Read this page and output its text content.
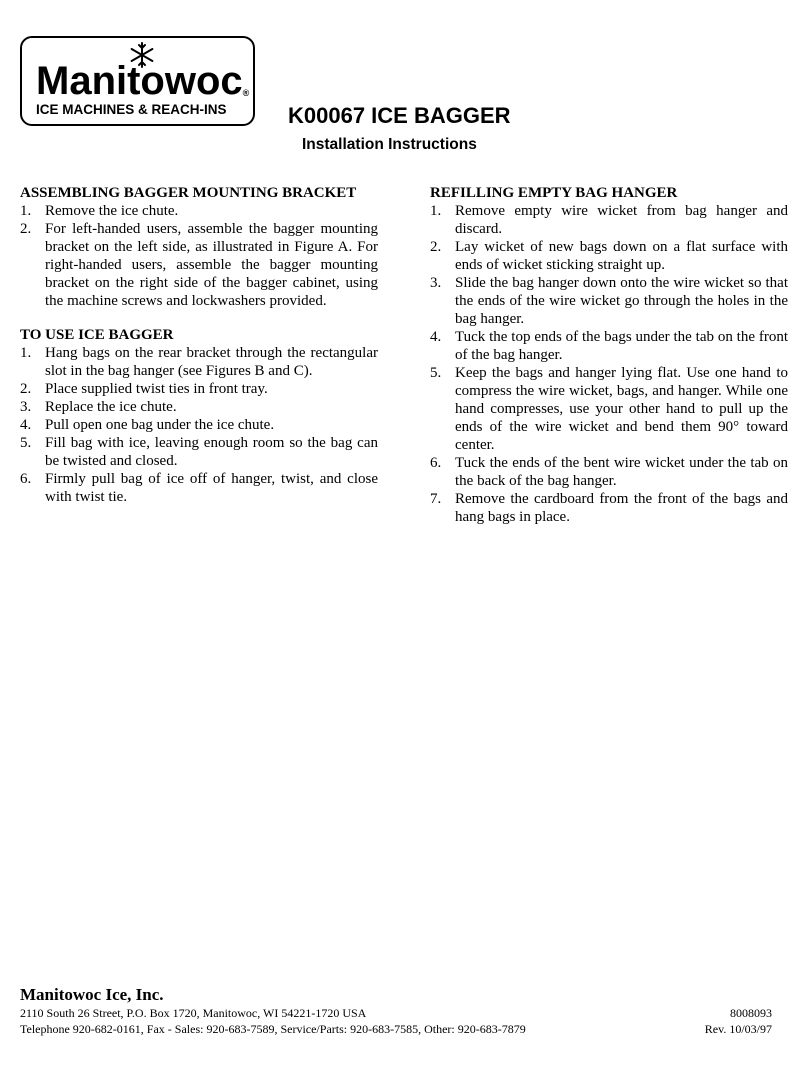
Manitowoc®
ICE MACHINES & REACH-INS	K00067 ICE BAGGER
Installation Instructions

ASSEMBLING BAGGER MOUNTING BRACKET

1. Remove the ice chute.
2. For left-handed users, assemble the bagger mounting bracket on the left side, as illustrated in Figure A. For right-handed users, assemble the bagger mounting bracket on the right side of the bagger cabinet, using the machine screws and lockwashers provided.

TO USE ICE BAGGER

1. Hang bags on the rear bracket through the rectangular slot in the bag hanger (see Figures B and C).
2. Place supplied twist ties in front tray.
3. Replace the ice chute.
4. Pull open one bag under the ice chute.
5. Fill bag with ice, leaving enough room so the bag can be twisted and closed.
6. Firmly pull bag of ice off of hanger, twist, and close with twist tie.

REFILLING EMPTY BAG HANGER

1. Remove empty wire wicket from bag hanger and discard.
2. Lay wicket of new bags down on a flat surface with ends of wicket sticking straight up.
3. Slide the bag hanger down onto the wire wicket so that the ends of the wire wicket go through the holes in the bag hanger.
4. Tuck the top ends of the bags under the tab on the front of the bag hanger.
5. Keep the bags and hanger lying flat. Use one hand to compress the wire wicket, bags, and hanger. While one hand compresses, use your other hand to pull up the ends of the wire wicket and bend them 90° toward center.
6. Tuck the ends of the bent wire wicket under the tab on the back of the bag hanger.
7. Remove the cardboard from the front of the bags and hang bags in place.
Manitowoc Ice, Inc.
2110 South 26 Street, P.O. Box 1720, Manitowoc, WI 54221-1720 USA
Telephone 920-682-0161, Fax - Sales: 920-683-7589, Service/Parts: 920-683-7585, Other: 920-683-7879
8008093
Rev. 10/03/97
